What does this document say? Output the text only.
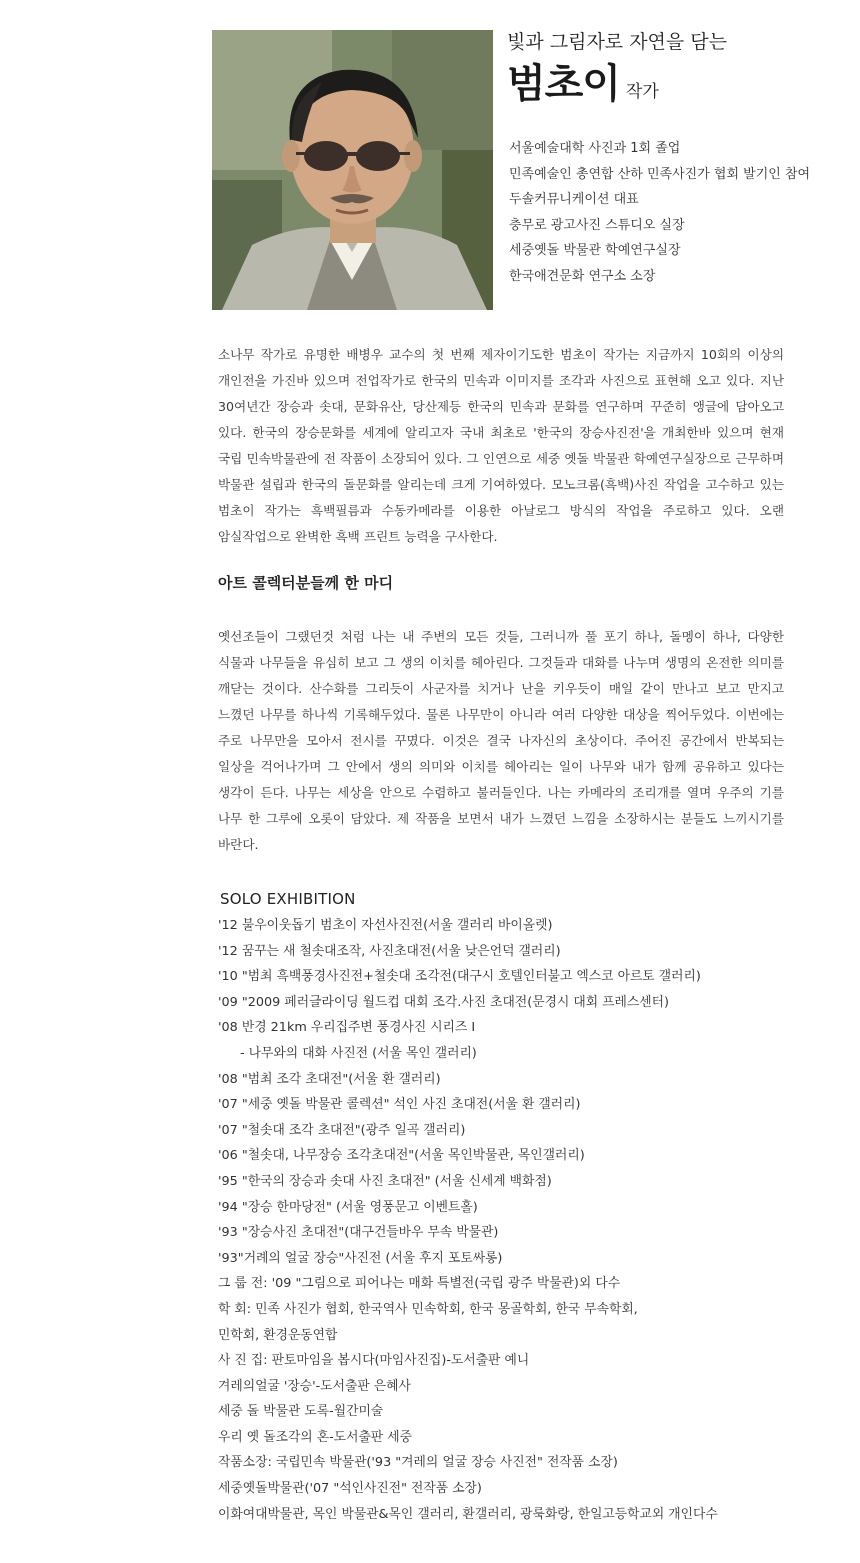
빛과 그림자로 자연을 담는
범초이 작가
서울예술대학 사진과 1회 졸업
민족예술인 총연합 산하 민족사진가 협회 발기인 참여
두솔커뮤니케이션 대표
충무로 광고사진 스튜디오 실장
세중옛돌 박물관 학예연구실장
한국애견문화 연구소 소장

소나무 작가로 유명한 배병우 교수의 첫 번째 제자이기도한 범초이 작가는 지금까지 10회의 이상의 개인전을 가진바 있으며 전업작가로 한국의 민속과 이미지를 조각과 사진으로 표현해 오고 있다. 지난 30여년간 장승과 솟대, 문화유산, 당산제등 한국의 민속과 문화를 연구하며 꾸준히 앵글에 담아오고 있다. 한국의 장승문화를 세계에 알리고자 국내 최초로 '한국의 장승사진전'을 개최한바 있으며 현재 국립 민속박물관에 전 작품이 소장되어 있다. 그 인연으로 세중 옛돌 박물관 학예연구실장으로 근무하며 박물관 설립과 한국의 돌문화를 알리는데 크게 기여하였다. 모노크롬(흑백)사진 작업을 고수하고 있는 범초이 작가는 흑백필름과 수동카메라를 이용한 아날로그 방식의 작업을 주로하고 있다. 오랜 암실작업으로 완벽한 흑백 프린트 능력을 구사한다.

아트 콜렉터분들께 한 마디

옛선조들이 그랬던것 처럼 나는 내 주변의 모든 것들, 그러니까 풀 포기 하나, 돌멩이 하나, 다양한 식물과 나무들을 유심히 보고 그 생의 이치를 헤아린다. 그것들과 대화를 나누며 생명의 온전한 의미를 깨닫는 것이다. 산수화를 그리듯이 사군자를 치거나 난을 키우듯이 매일 같이 만나고 보고 만지고 느꼈던 나무를 하나씩 기록해두었다. 물론 나무만이 아니라 여러 다양한 대상을 찍어두었다. 이번에는 주로 나무만을 모아서 전시를 꾸몄다. 이것은 결국 나자신의 초상이다. 주어진 공간에서 반복되는 일상을 걱어나가며 그 안에서 생의 의미와 이치를 헤아리는 일이 나무와 내가 함께 공유하고 있다는 생각이 든다. 나무는 세상을 안으로 수렴하고 불러들인다. 나는 카메라의 조리개를 열며 우주의 기를 나무 한 그루에 오롯이 담았다. 제 작품을 보면서 내가 느꼈던 느낌을 소장하시는 분들도 느끼시기를 바란다.

SOLO EXHIBITION
'12 불우이웃돕기 범초이 자선사진전(서울 갤러리 바이올렛)
'12 꿈꾸는 새 철솟대조작, 사진초대전(서울 낮은언덕 갤러리)
'10 "범최 흑백풍경사진전+철솟대 조각전(대구시 호텔인터불고 엑스코 아르토 갤러리)
'09 "2009 페러글라이딩 월드컵 대회 조각.사진 초대전(문경시 대회 프레스센터)
'08 반경 21km 우리집주변 풍경사진 시리즈 Ⅰ
- 나무와의 대화 사진전 (서울 목인 갤러리)
'08 "범최 조각 초대전"(서울 환 갤러리)
'07 "세중 옛돌 박물관 콜렉션" 석인 사진 초대전(서울 환 갤러리)
'07 "철솟대 조각 초대전"(광주 일곡 갤러리)
'06 "철솟대, 나무장승 조각초대전"(서울 목인박물관, 목인갤러리)
'95 "한국의 장승과 솟대 사진 초대전" (서울 신세계 백화점)
'94 "장승 한마당전" (서울 영풍문고 이벤트홀)
'93 "장승사진 초대전"(대구건들바우 무속 박물관)
'93"거례의 얼굴 장승"사진전 (서울 후지 포토싸롱)
그 룹 전: '09 "그림으로 피어나는 매화 특별전(국립 광주 박물관)외 다수
학 회: 민족 사진가 협회, 한국역사 민속학회, 한국 몽골학회, 한국 무속학회,
민학회, 환경운동연합
사 진 집: 판토마임을 봅시다(마임사진집)-도서출판 예니
겨레의얼굴 '장승'-도서출판 은혜사
세중 돌 박물관 도록-월간미술
우리 옛 돌조각의 혼-도서출판 세중
작품소장: 국립민속 박물관('93 "겨레의 얼굴 장승 사진전" 전작품 소장)
세중옛돌박물관('07 "석인사진전" 전작품 소장)
이화여대박물관, 목인 박물관&목인 갤러리, 환갤러리, 광룩화랑, 한일고등학교외 개인다수
